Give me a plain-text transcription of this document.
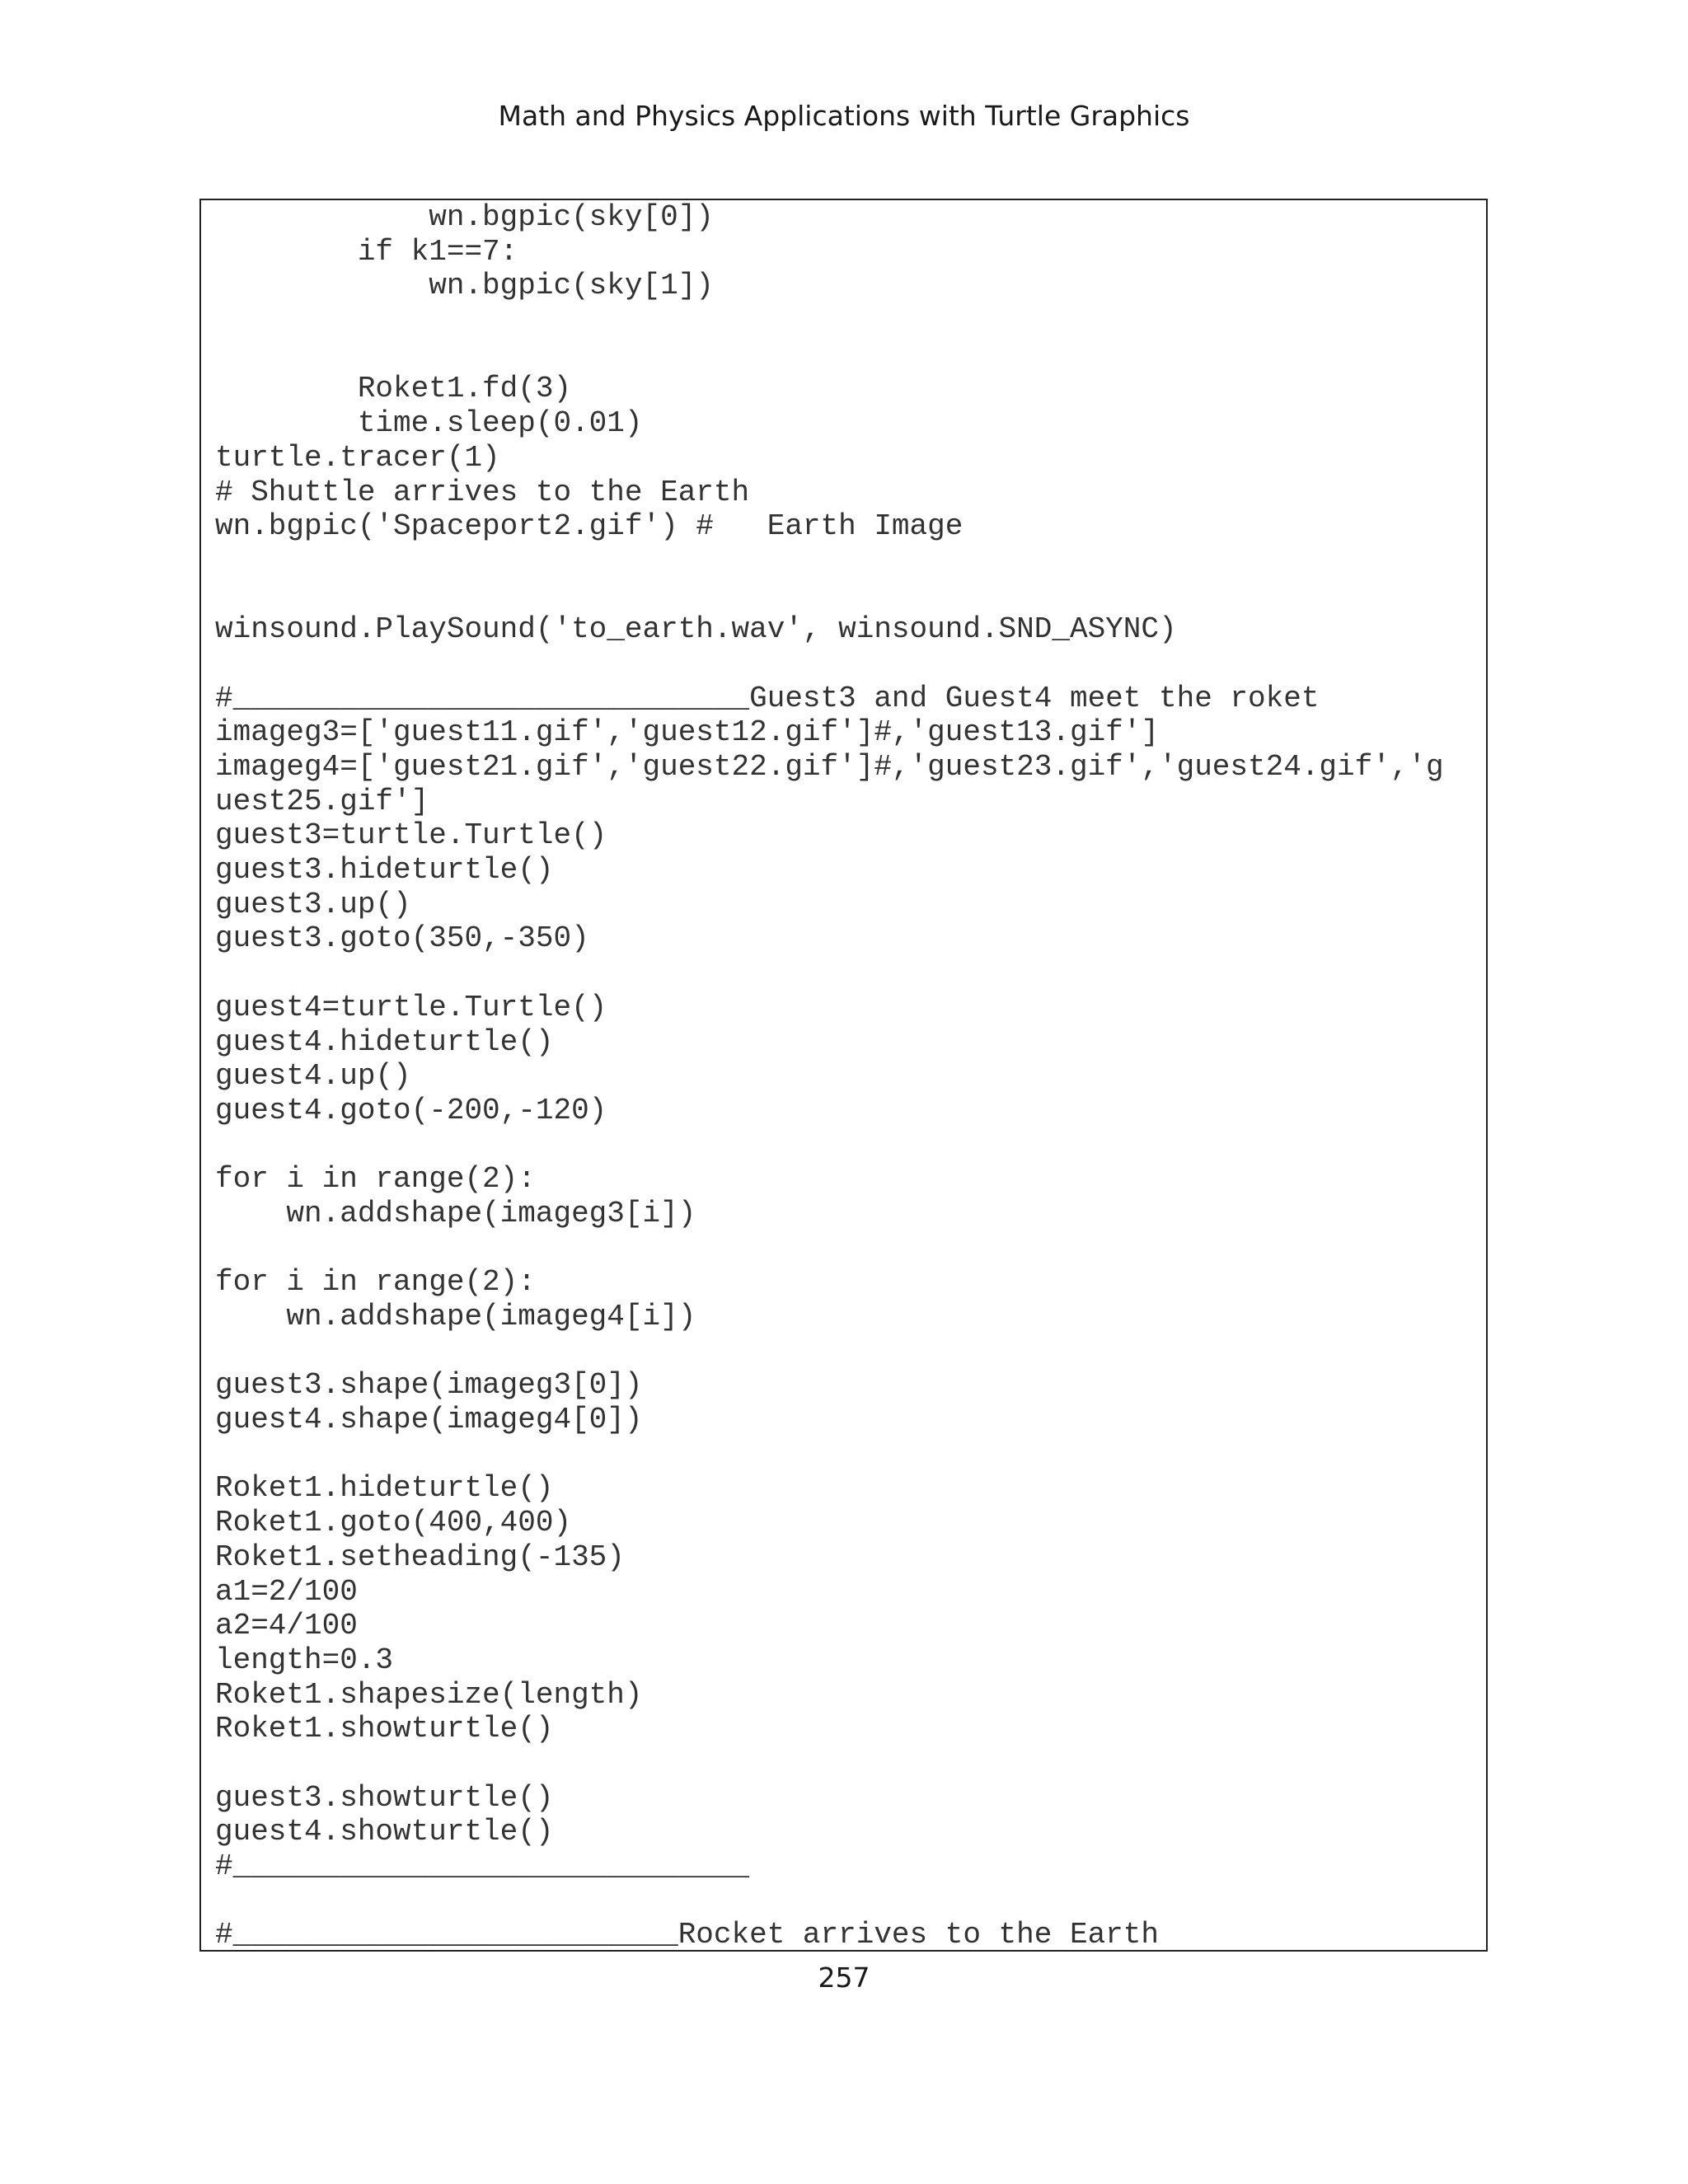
Math and Physics Applications with Turtle Graphics
wn.bgpic(sky[0])
if k1==7:
wn.bgpic(sky[1])
Roket1.fd(3)
time.sleep(0.01)
turtle.tracer(1)
# Shuttle arrives to the Earth
wn.bgpic('Spaceport2.gif') #   Earth Image
winsound.PlaySound('to_earth.wav', winsound.SND_ASYNC)
#_____________________________Guest3 and Guest4 meet the roket
imageg3=['guest11.gif','guest12.gif']#,'guest13.gif']
imageg4=['guest21.gif','guest22.gif']#,'guest23.gif','guest24.gif','g
uest25.gif']
guest3=turtle.Turtle()
guest3.hideturtle()
guest3.up()
guest3.goto(350,-350)
guest4=turtle.Turtle()
guest4.hideturtle()
guest4.up()
guest4.goto(-200,-120)
for i in range(2):
wn.addshape(imageg3[i])
for i in range(2):
wn.addshape(imageg4[i])
guest3.shape(imageg3[0])
guest4.shape(imageg4[0])
Roket1.hideturtle()
Roket1.goto(400,400)
Roket1.setheading(-135)
a1=2/100
a2=4/100
length=0.3
Roket1.shapesize(length)
Roket1.showturtle()
guest3.showturtle()
guest4.showturtle()
#_____________________________
#_________________________Rocket arrives to the Earth
257
